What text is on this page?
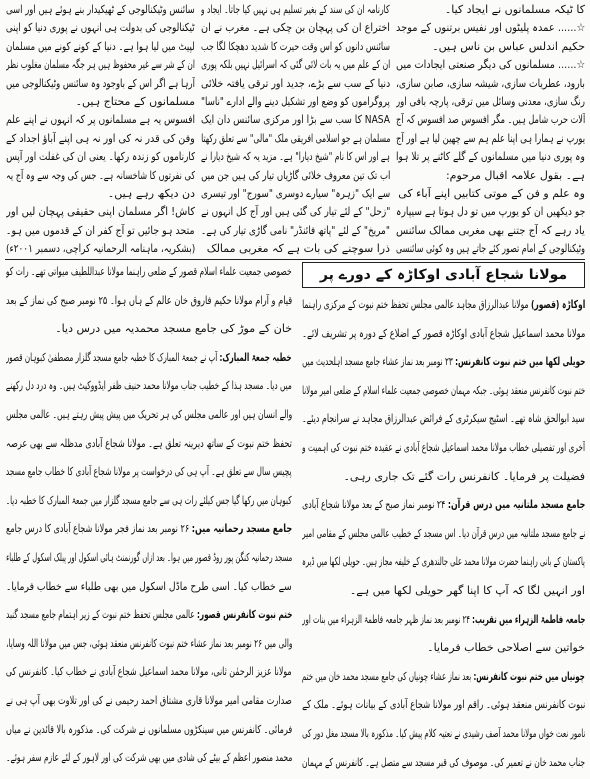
کا ٹیکہ مسلمانوں نے ایجاد کیا۔
☆...... عمدہ پلیٹوں اور نفیس برتنوں کے موجد
حکیم اندلس عباس بن ناس ہیں۔
☆...... مسلمانوں کی دیگر صنعتی ایجادات میں
بارود، عطریات سازی، شیشہ سازی، صابن سازی،
رنگ سازی، معدنی وسائل میں ترقی، پارچہ بافی اور
آلات حرب شامل ہیں۔ مگر افسوس صد افسوس کہ آج
یورپ نے ہمارا ہی اپنا علم ہم سے چھین لیا ہے اور آج
وہ پوری دنیا میں مسلمانوں کے گلے کاٹنے پر تلا ہوا
ہے۔ بقول علامہ اقبال مرحوم:
وہ علم و فن کے موتی کتابیں اپنے آباء کی
جو دیکھیں ان کو یورپ میں تو دل ہوتا ہے سیپارہ
یاد رہے کہ آج جتنے بھی مغربی ممالک سائنس
وٹیکنالوجی کے امام تصور کئے جاتے ہیں وہ کوئی سائنسی
کارنامہ ان کی سند کے بغیر تسلیم ہی نہیں کیا جاتا۔ ایجاد و
اختراع ان کی پہچان بن چکی ہے۔ مغرب نے ان
سائنس دانوں کو اس وقت حیرت کا شدید دھچکا لگا جب
ان کے علم میں یہ بات لائی گئی کہ اسرائیل نہیں بلکہ پوری
دنیا کے سب سے بڑے، جدید اور ترقی یافتہ خلائی
پروگراموں کو وضع اور تشکیل دینے والے ادارے "ناسا"
NASA کا سب سے بڑا اور مرکزی سائنس دان ایک
مسلمان ہے جو اسلامی افریقی ملک "مالی" سے تعلق رکھتا
ہے اور اس کا نام "شیخ دیارا" ہے۔ مزید یہ کہ شیخ دیارا نے
اب تک تین معروف خلائی گاڑیاں تیار کی ہیں جن میں
سے ایک "زہرہ" سیارے دوسری "سورج" اور تیسری
"زحل" کے لئے تیار کی گئی ہیں اور آج کل انہوں نے
"مریخ" کے لئے "پاتھ فائنڈر" نامی گاڑی تیار کی ہے۔
ذرا سوچنے کی بات ہے کہ مغربی ممالک
سائنس وٹیکنالوجی کے ٹھیکیدار بنے ہوئے ہیں اور اسی
ٹیکنالوجی کی بدولت ہی انہوں نے پوری دنیا کو اپنی
لپیٹ میں لیا ہوا ہے۔ دنیا کے کونے کونے میں مسلمان
ان کے شر سے غیر محفوظ ہیں ہر جگہ مسلمان مغلوب نظر
آرہا ہے اگر اس کے باوجود وہ سائنس وٹیکنالوجی میں
مسلمانوں کے محتاج ہیں۔
افسوس یہ ہے مسلمانوں پر کہ انہوں نے اپنے علم
وفن کی قدر نہ کی اور نہ ہی اپنے آباؤ اجداد کے
کارناموں کو زندہ رکھا۔ یعنی ان کی غفلت اور آپس
کی نفرتوں کا شاخسانہ ہے۔ جس کی وجہ سے وہ آج یہ
دن دیکھ رہے ہیں۔
کاش! اگر مسلمان اپنی حقیقی پہچان لیں اور
متحد ہو جائیں تو آج کفر ان کے قدموں میں ہو۔
(بشکریہ، ماہنامہ الرحمانیہ کراچی، دسمبر ۲۰۰۱ء)
مولانا شجاع آبادی اوکاڑہ کے دورے پر
اوکاڑہ (قصور) مولانا عبدالرزاق مجاہد عالمی مجلس تحفظ ختم نبوت کے مرکزی راہنما
مولانا محمد اسماعیل شجاع آبادی اوکاڑہ قصور کے اضلاع کے دورہ پر تشریف لائے۔
حویلی لکھا میں ختم نبوت کانفرنس: ۲۳ نومبر بعد نماز عشاء جامع مسجد اہلحدیث میں
ختم نبوت کانفرنس منعقد ہوئی۔ جبکہ مہمان خصوصی جمعیت علماء اسلام کے ضلعی امیر مولانا
سید ابوالحق شاہ تھے۔ اسٹیج سیکرٹری کے فرائض عبدالرزاق مجاہد نے سرانجام دیئے۔
آخری اور تفصیلی خطاب مولانا محمد اسماعیل شجاع آبادی نے عقیدہ ختم نبوت کی اہمیت و
فضیلت پر فرمایا۔ کانفرنس رات گئے تک جاری رہی۔
جامع مسجد ملتانیہ میں درس قرآن: ۲۴ نومبر نماز صبح کے بعد مولانا شجاع آبادی
نے جامع مسجد ملتانیہ میں درس قرآن دیا۔ اس مسجد کے خطیب عالمی مجلس کے مقامی امیر
پاکستان کے بانی راہنما حضرت مولانا محمد علی جالندھری کے خلیفہ مجاز ہیں۔ حویلی لکھا میں ڈیرہ
اور انہیں لگا کہ آپ کا اپنا گھر حویلی لکھا میں ہے۔
جامعہ فاطمۃ الزہراء میں تقریب: ۲۴ نومبر بعد نماز ظہر جامعہ فاطمۃ الزہراء میں بنات اور
خواتین سے اصلاحی خطاب فرمایا۔
چونیاں میں ختم نبوت کانفرنس: بعد نماز عشاء چونیاں کی جامع مسجد محمد خان میں ختم
نبوت کانفرنس منعقد ہوئی۔ راقم اور مولانا شجاع آبادی کے بیانات ہوئے۔ ملک کے
نامور نعت خواں مولانا محمد آصف رشیدی نے نعتیہ کلام پیش کیا۔ مذکورہ بالا مسجد مغل دور کی
جناب محمد خان نے تعمیر کی۔ موصوف کی قبر مسجد سے متصل ہے۔ کانفرنس کے مہمان
خصوصی جمعیت علماء اسلام قصور کے ضلعی راہنما مولانا عبداللطیف میواتی تھے۔ رات کو
قیام و آرام مولانا حکیم فاروق خان عالم کے ہاں ہوا۔ ۲۵ نومبر صبح کی نماز کے بعد
خان کے موڑ کی جامع مسجد محمدیہ میں درس دیا۔
خطبہ جمعۃ المبارک: آپ نے جمعۃ المبارک کا خطبہ جامع مسجد گلزار مصطفیٰ کبوہان قصور
میں دیا۔ مسجد ہذا کے خطیب جناب مولانا محمد حنیف ظفر ایڈووکیٹ ہیں۔ وہ درد دل رکھنے
والے انسان ہیں اور عالمی مجلس کی ہر تحریک میں پیش پیش رہتے ہیں۔ عالمی مجلس
تحفظ ختم نبوت کے ساتھ دیرینہ تعلق ہے۔ مولانا شجاع آبادی مدظلہ سے بھی عرصہ
پچیس سال سے تعلق ہے۔ آپ ہی کی درخواست پر مولانا شجاع آبادی کا خطاب جامع مسجد
کبوہان میں رکھا گیا جس کیلئے رات ہی سے جامع مسجد گلزار میں جمعۃ المبارک کا خطبہ دیا۔
جامع مسجد رحمانیہ میں: ۲۶ نومبر بعد نماز فجر مولانا شجاع آبادی کا درس جامع
مسجد رحمانیہ کنگن پور روڈ قصور میں ہوا۔ بعد ازاں گورنمنٹ ہائی اسکول اور پبلک اسکول کے طلباء
سے خطاب کیا۔ اسی طرح ماڈل اسکول میں بھی طلباء سے خطاب فرمایا۔
ختم نبوت کانفرنس قصور: عالمی مجلس تحفظ ختم نبوت کے زیر اہتمام جامع مسجد گنبد
والی میں ۲۶ نومبر بعد نماز عشاء ختم نبوت کانفرنس منعقد ہوئی، جس میں مولانا اللہ وسایا،
مولانا عزیز الرحمٰن ثانی، مولانا محمد اسماعیل شجاع آبادی نے خطاب کیا۔ کانفرنس کی
صدارت مقامی امیر مولانا قاری مشتاق احمد رحیمی نے کی اور تلاوت بھی آپ ہی نے
فرمائی۔ کانفرنس میں سینکڑوں مسلمانوں نے شرکت کی۔ مذکورہ بالا قائدین نے میاں
محمد منصور اعظم کے بیٹے کی شادی میں بھی شرکت کی اور لاہور کے لئے عازم سفر ہوئے۔
